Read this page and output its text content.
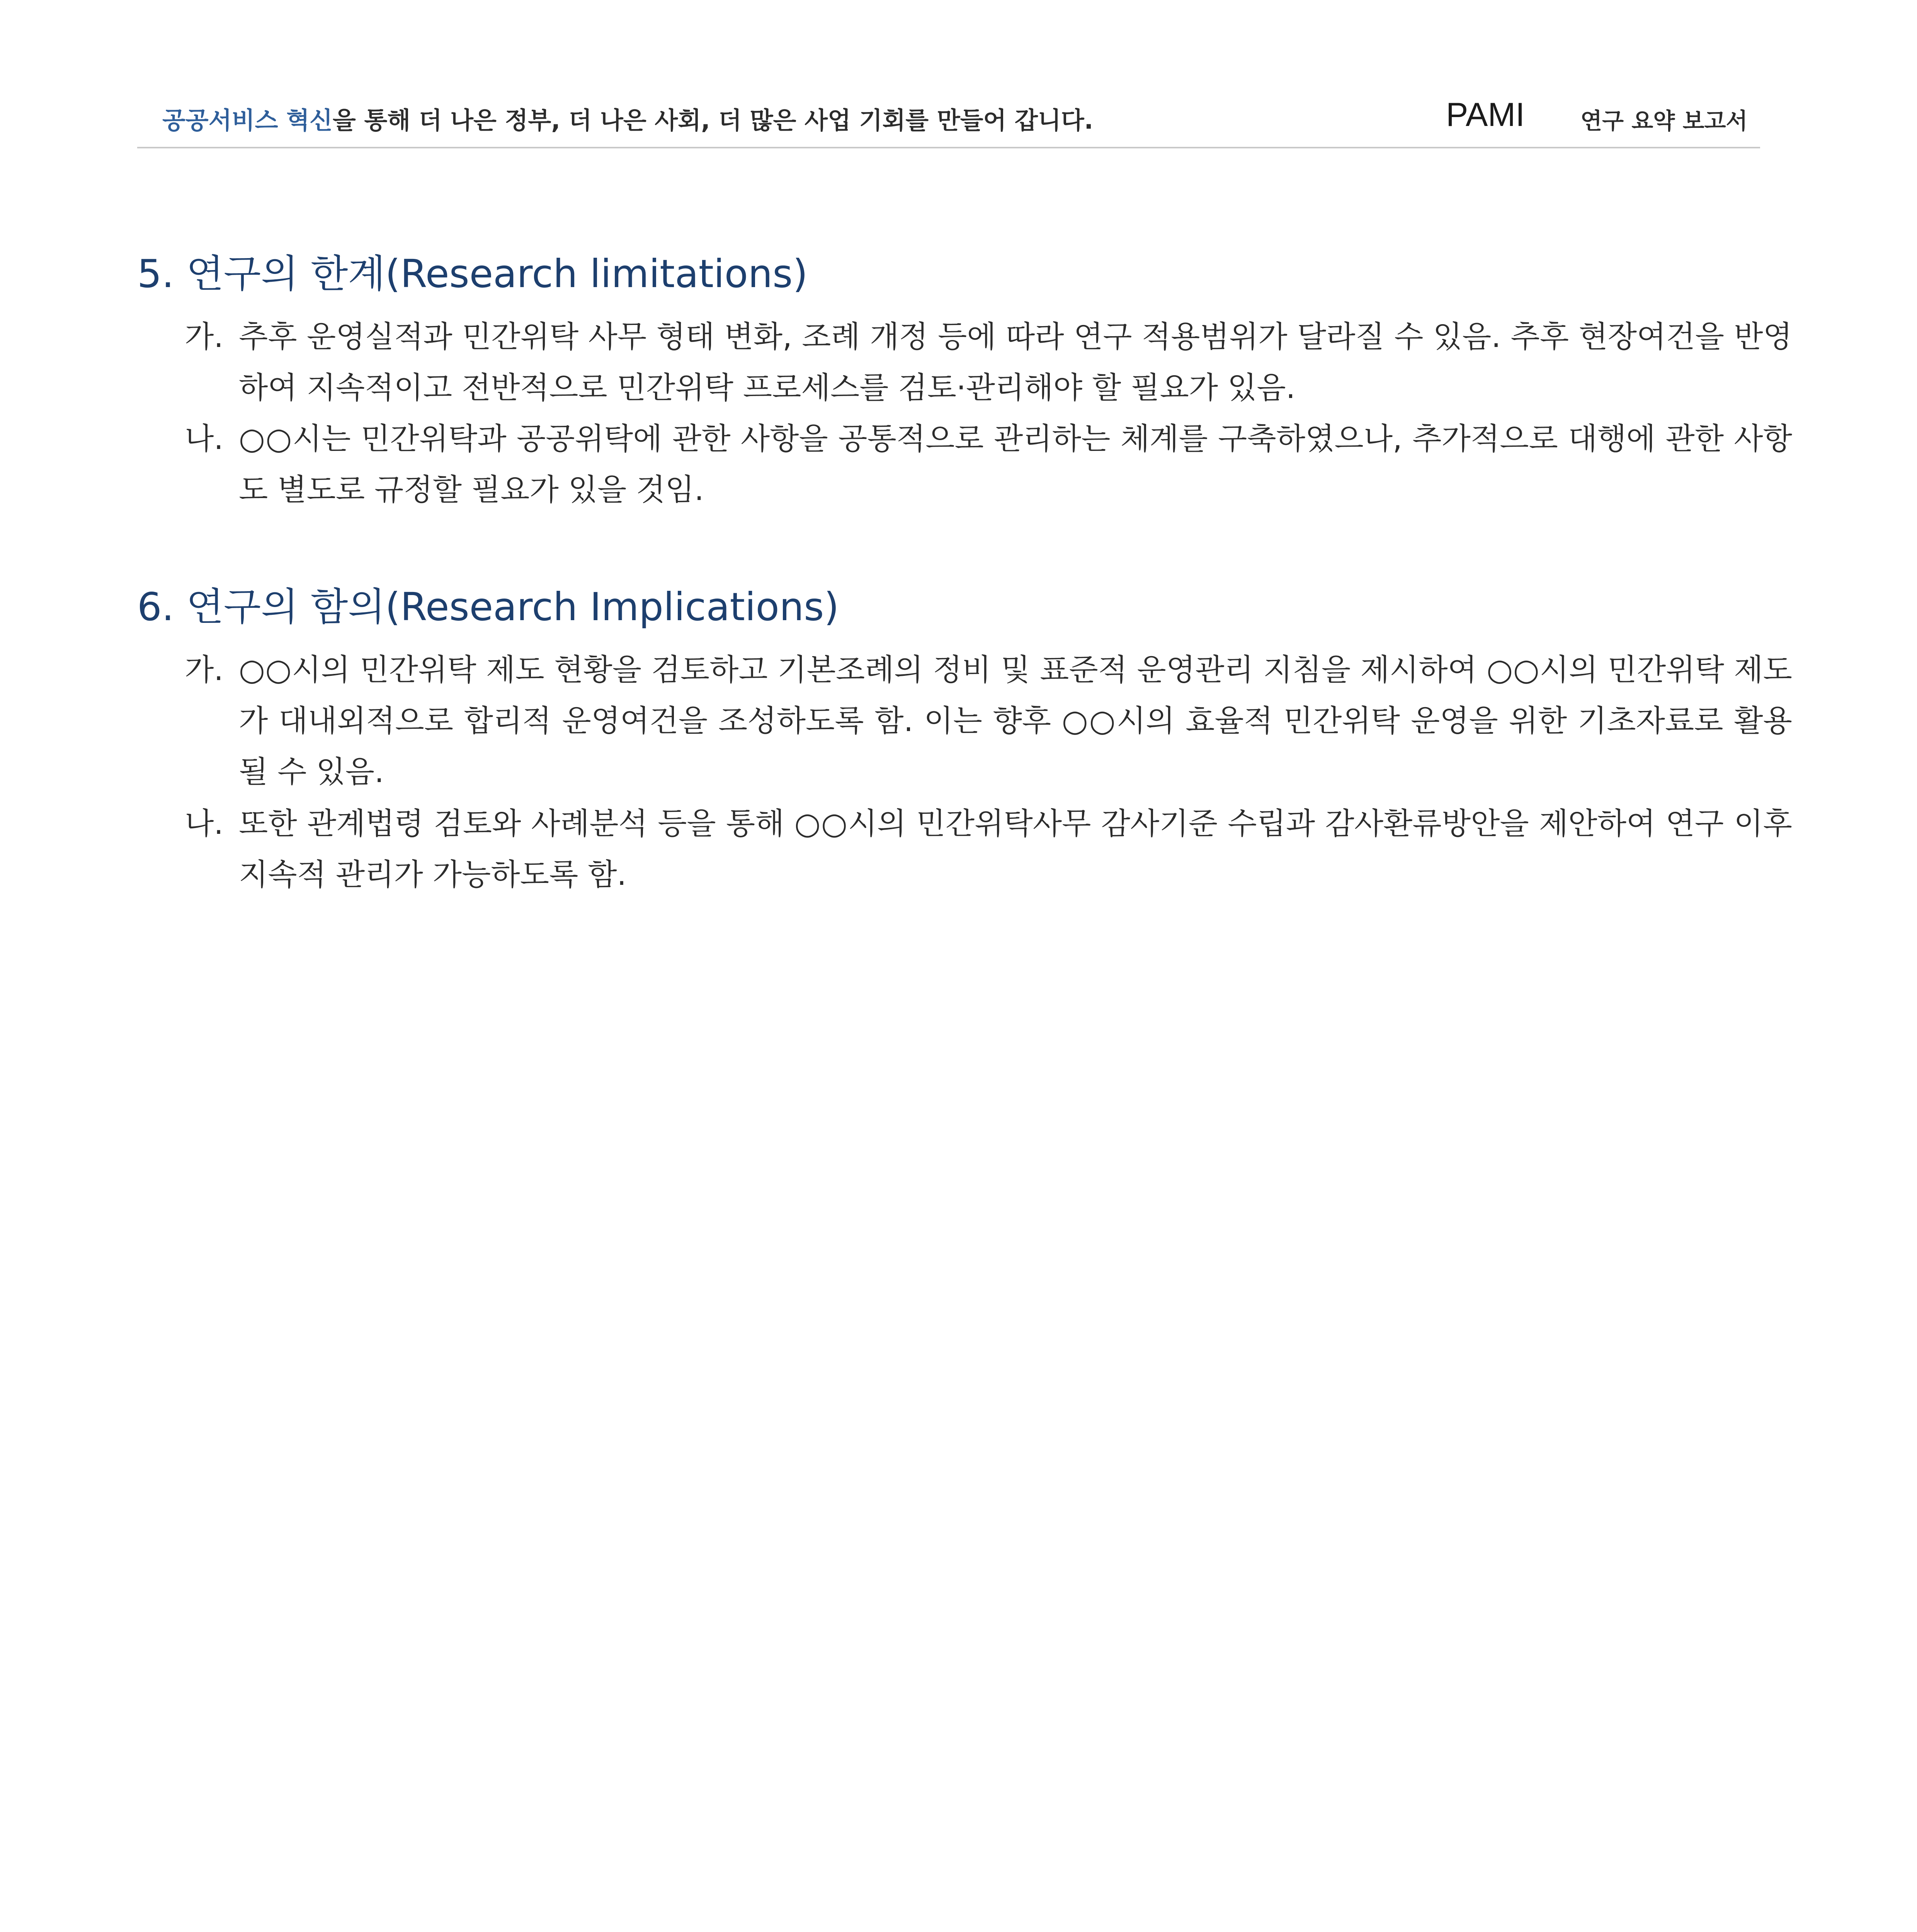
공공서비스 혁신을 통해 더 나은 정부, 더 나은 사회, 더 많은 사업 기회를 만들어 갑니다.	PAMI 연구 요약 보고서
5. 연구의 한계(Research limitations)
가. 추후 운영실적과 민간위탁 사무 형태 변화, 조례 개정 등에 따라 연구 적용범위가 달라질 수 있음. 추후 현장여건을 반영하여 지속적이고 전반적으로 민간위탁 프로세스를 검토·관리해야 할 필요가 있음.
나. ○○시는 민간위탁과 공공위탁에 관한 사항을 공통적으로 관리하는 체계를 구축하였으나, 추가적으로 대행에 관한 사항도 별도로 규정할 필요가 있을 것임.
6. 연구의 함의(Research Implications)
가. ○○시의 민간위탁 제도 현황을 검토하고 기본조례의 정비 및 표준적 운영관리 지침을 제시하여 ○○시의 민간위탁 제도가 대내외적으로 합리적 운영여건을 조성하도록 함. 이는 향후 ○○시의 효율적 민간위탁 운영을 위한 기초자료로 활용될 수 있음.
나. 또한 관계법령 검토와 사례분석 등을 통해 ○○시의 민간위탁사무 감사기준 수립과 감사환류방안을 제안하여 연구 이후 지속적 관리가 가능하도록 함.
